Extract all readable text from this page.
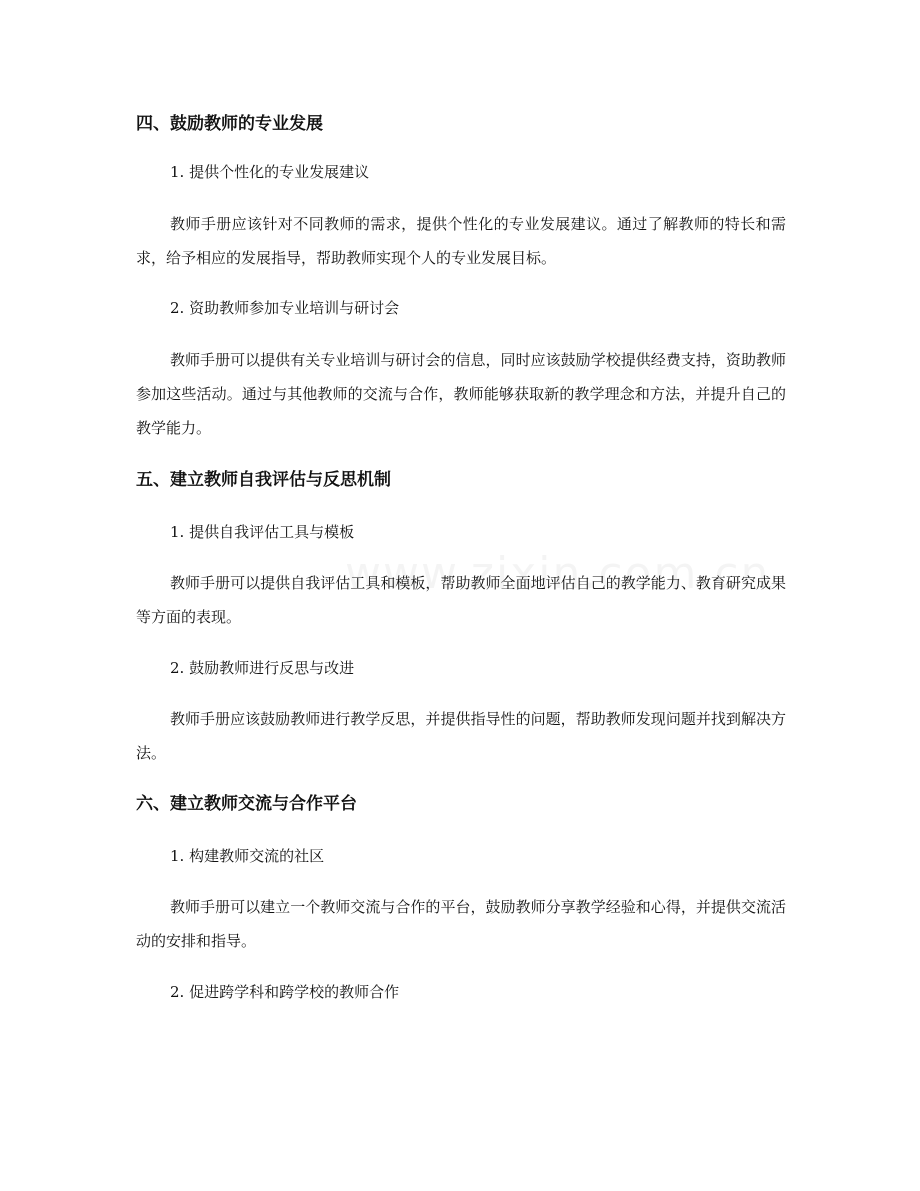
四、鼓励教师的专业发展
1. 提供个性化的专业发展建议
教师手册应该针对不同教师的需求，提供个性化的专业发展建议。通过了解教师的特长和需求，给予相应的发展指导，帮助教师实现个人的专业发展目标。
2. 资助教师参加专业培训与研讨会
教师手册可以提供有关专业培训与研讨会的信息，同时应该鼓励学校提供经费支持，资助教师参加这些活动。通过与其他教师的交流与合作，教师能够获取新的教学理念和方法，并提升自己的教学能力。
五、建立教师自我评估与反思机制
1. 提供自我评估工具与模板
教师手册可以提供自我评估工具和模板，帮助教师全面地评估自己的教学能力、教育研究成果等方面的表现。
2. 鼓励教师进行反思与改进
教师手册应该鼓励教师进行教学反思，并提供指导性的问题，帮助教师发现问题并找到解决方法。
六、建立教师交流与合作平台
1. 构建教师交流的社区
教师手册可以建立一个教师交流与合作的平台，鼓励教师分享教学经验和心得，并提供交流活动的安排和指导。
2. 促进跨学科和跨学校的教师合作
